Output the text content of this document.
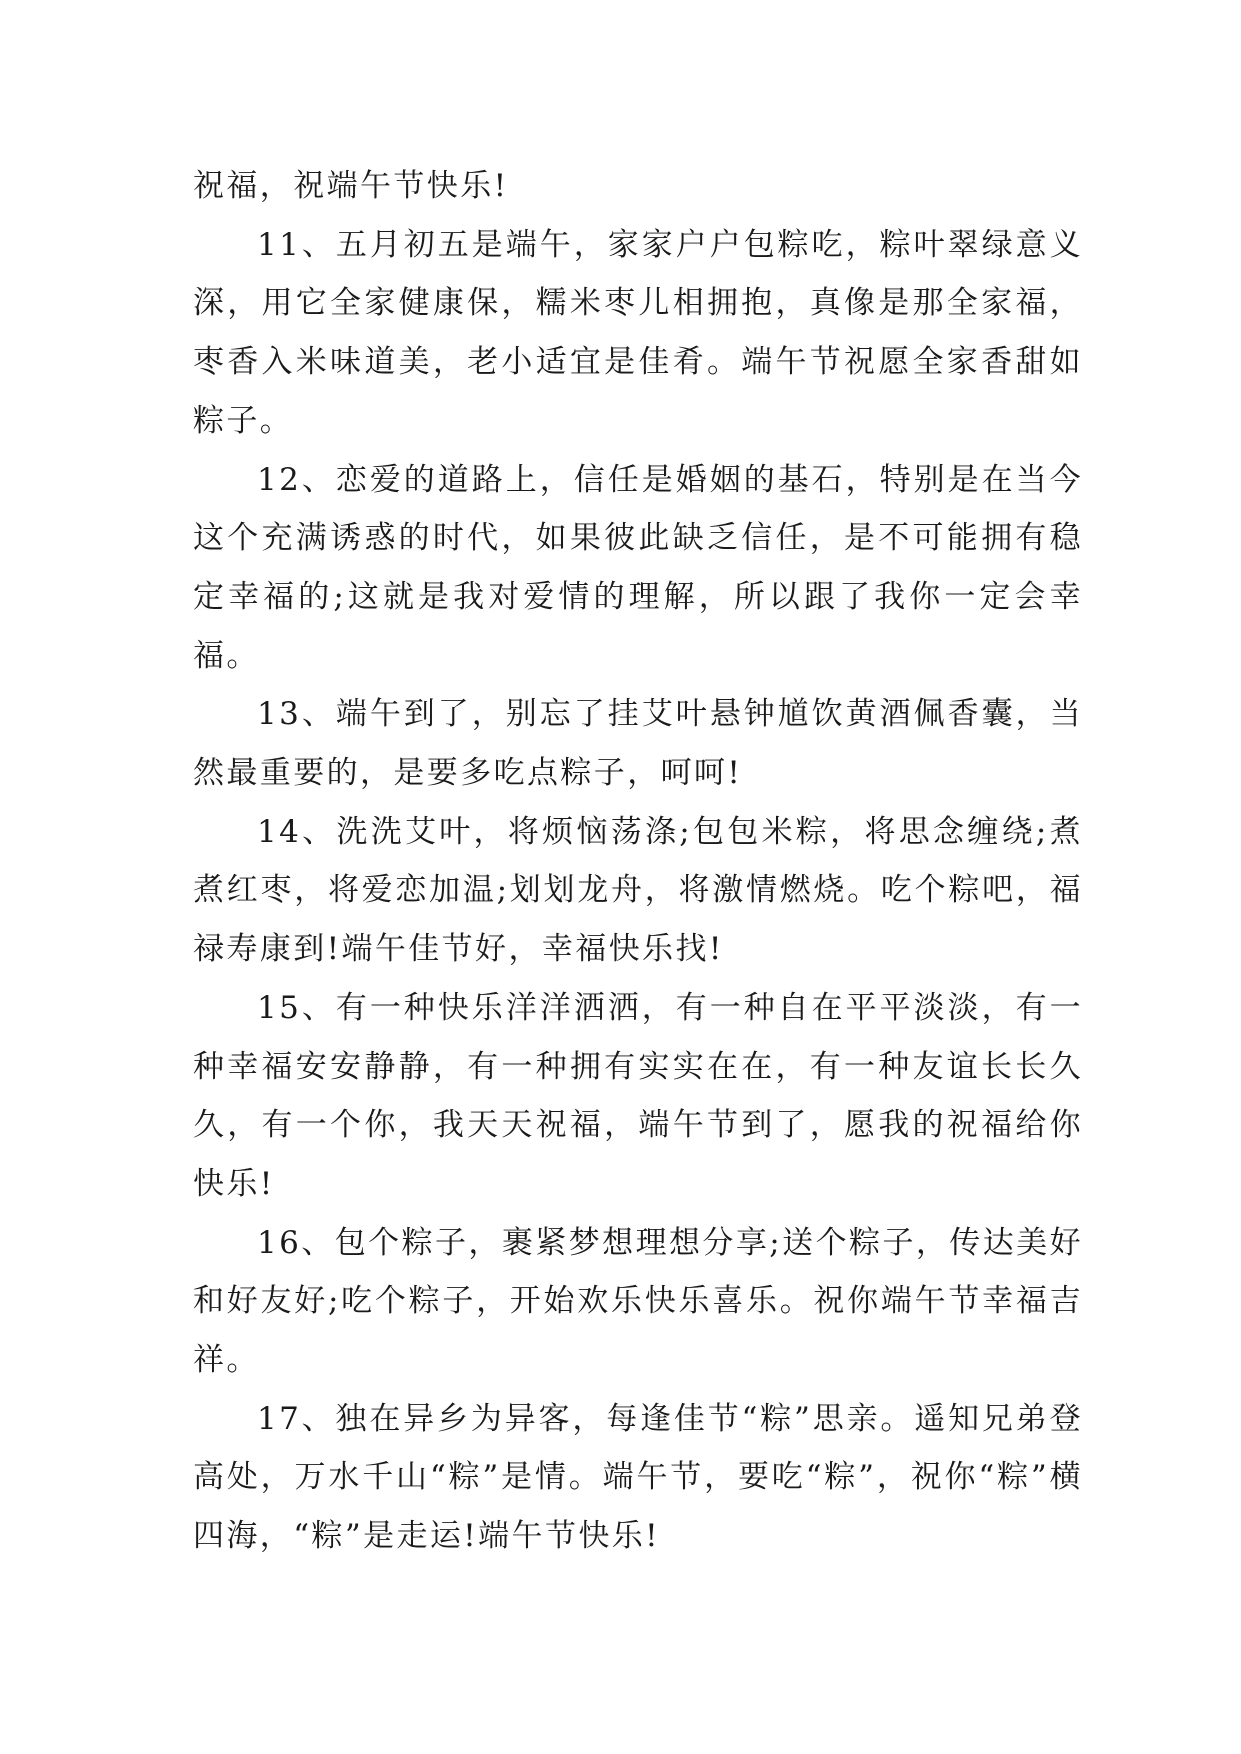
祝福，祝端午节快乐!

11、五月初五是端午，家家户户包粽吃，粽叶翠绿意义深，用它全家健康保，糯米枣儿相拥抱，真像是那全家福，枣香入米味道美，老小适宜是佳肴。端午节祝愿全家香甜如粽子。

12、恋爱的道路上，信任是婚姻的基石，特别是在当今这个充满诱惑的时代，如果彼此缺乏信任，是不可能拥有稳定幸福的;这就是我对爱情的理解，所以跟了我你一定会幸福。

13、端午到了，别忘了挂艾叶悬钟馗饮黄酒佩香囊，当然最重要的，是要多吃点粽子，呵呵!

14、洗洗艾叶，将烦恼荡涤;包包米粽，将思念缠绕;煮煮红枣，将爱恋加温;划划龙舟，将激情燃烧。吃个粽吧，福禄寿康到!端午佳节好，幸福快乐找!

15、有一种快乐洋洋洒洒，有一种自在平平淡淡，有一种幸福安安静静，有一种拥有实实在在，有一种友谊长长久久，有一个你，我天天祝福，端午节到了，愿我的祝福给你快乐!

16、包个粽子，裹紧梦想理想分享;送个粽子，传达美好和好友好;吃个粽子，开始欢乐快乐喜乐。祝你端午节幸福吉祥。

17、独在异乡为异客，每逢佳节“粽”思亲。遥知兄弟登高处，万水千山“粽”是情。端午节，要吃“粽”，祝你“粽”横四海，“粽”是走运!端午节快乐!
